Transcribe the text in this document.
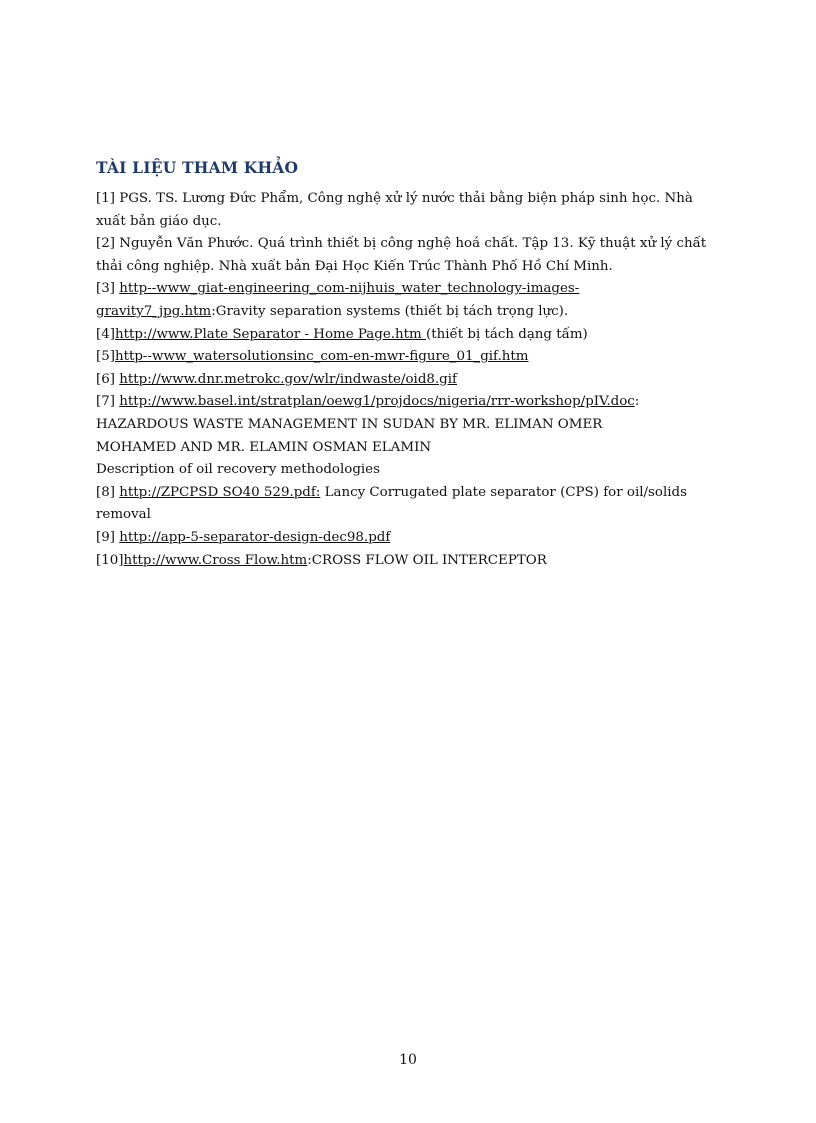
TÀI LIỆU THAM KHẢO
[1] PGS. TS. Lương Đức Phẩm, Công nghệ xử lý nước thải bằng biện pháp sinh học. Nhà
xuất bản giáo dục.
[2] Nguyễn Văn Phước. Quá trình thiết bị công nghệ hoá chất. Tập 13. Kỹ thuật xử lý chất
thải công nghiệp. Nhà xuất bản Đại Học Kiến Trúc Thành Phố Hồ Chí Minh.
[3] http--www_giat-engineering_com-nijhuis_water_technology-images-
gravity7_jpg.htm:Gravity separation systems (thiết bị tách trọng lực).
[4]http://www.Plate Separator - Home Page.htm (thiết bị tách dạng tấm)
[5]http--www_watersolutionsinc_com-en-mwr-figure_01_gif.htm
[6] http://www.dnr.metrokc.gov/wlr/indwaste/oid8.gif
[7] http://www.basel.int/stratplan/oewg1/projdocs/nigeria/rrr-workshop/pIV.doc:
HAZARDOUS WASTE MANAGEMENT IN SUDAN BY MR. ELIMAN OMER
MOHAMED AND MR. ELAMIN OSMAN ELAMIN
Description of oil recovery methodologies
[8] http://ZPCPSD SO40 529.pdf: Lancy Corrugated plate separator (CPS) for oil/solids
removal
[9] http://app-5-separator-design-dec98.pdf
[10]http://www.Cross Flow.htm:CROSS FLOW OIL INTERCEPTOR
10
